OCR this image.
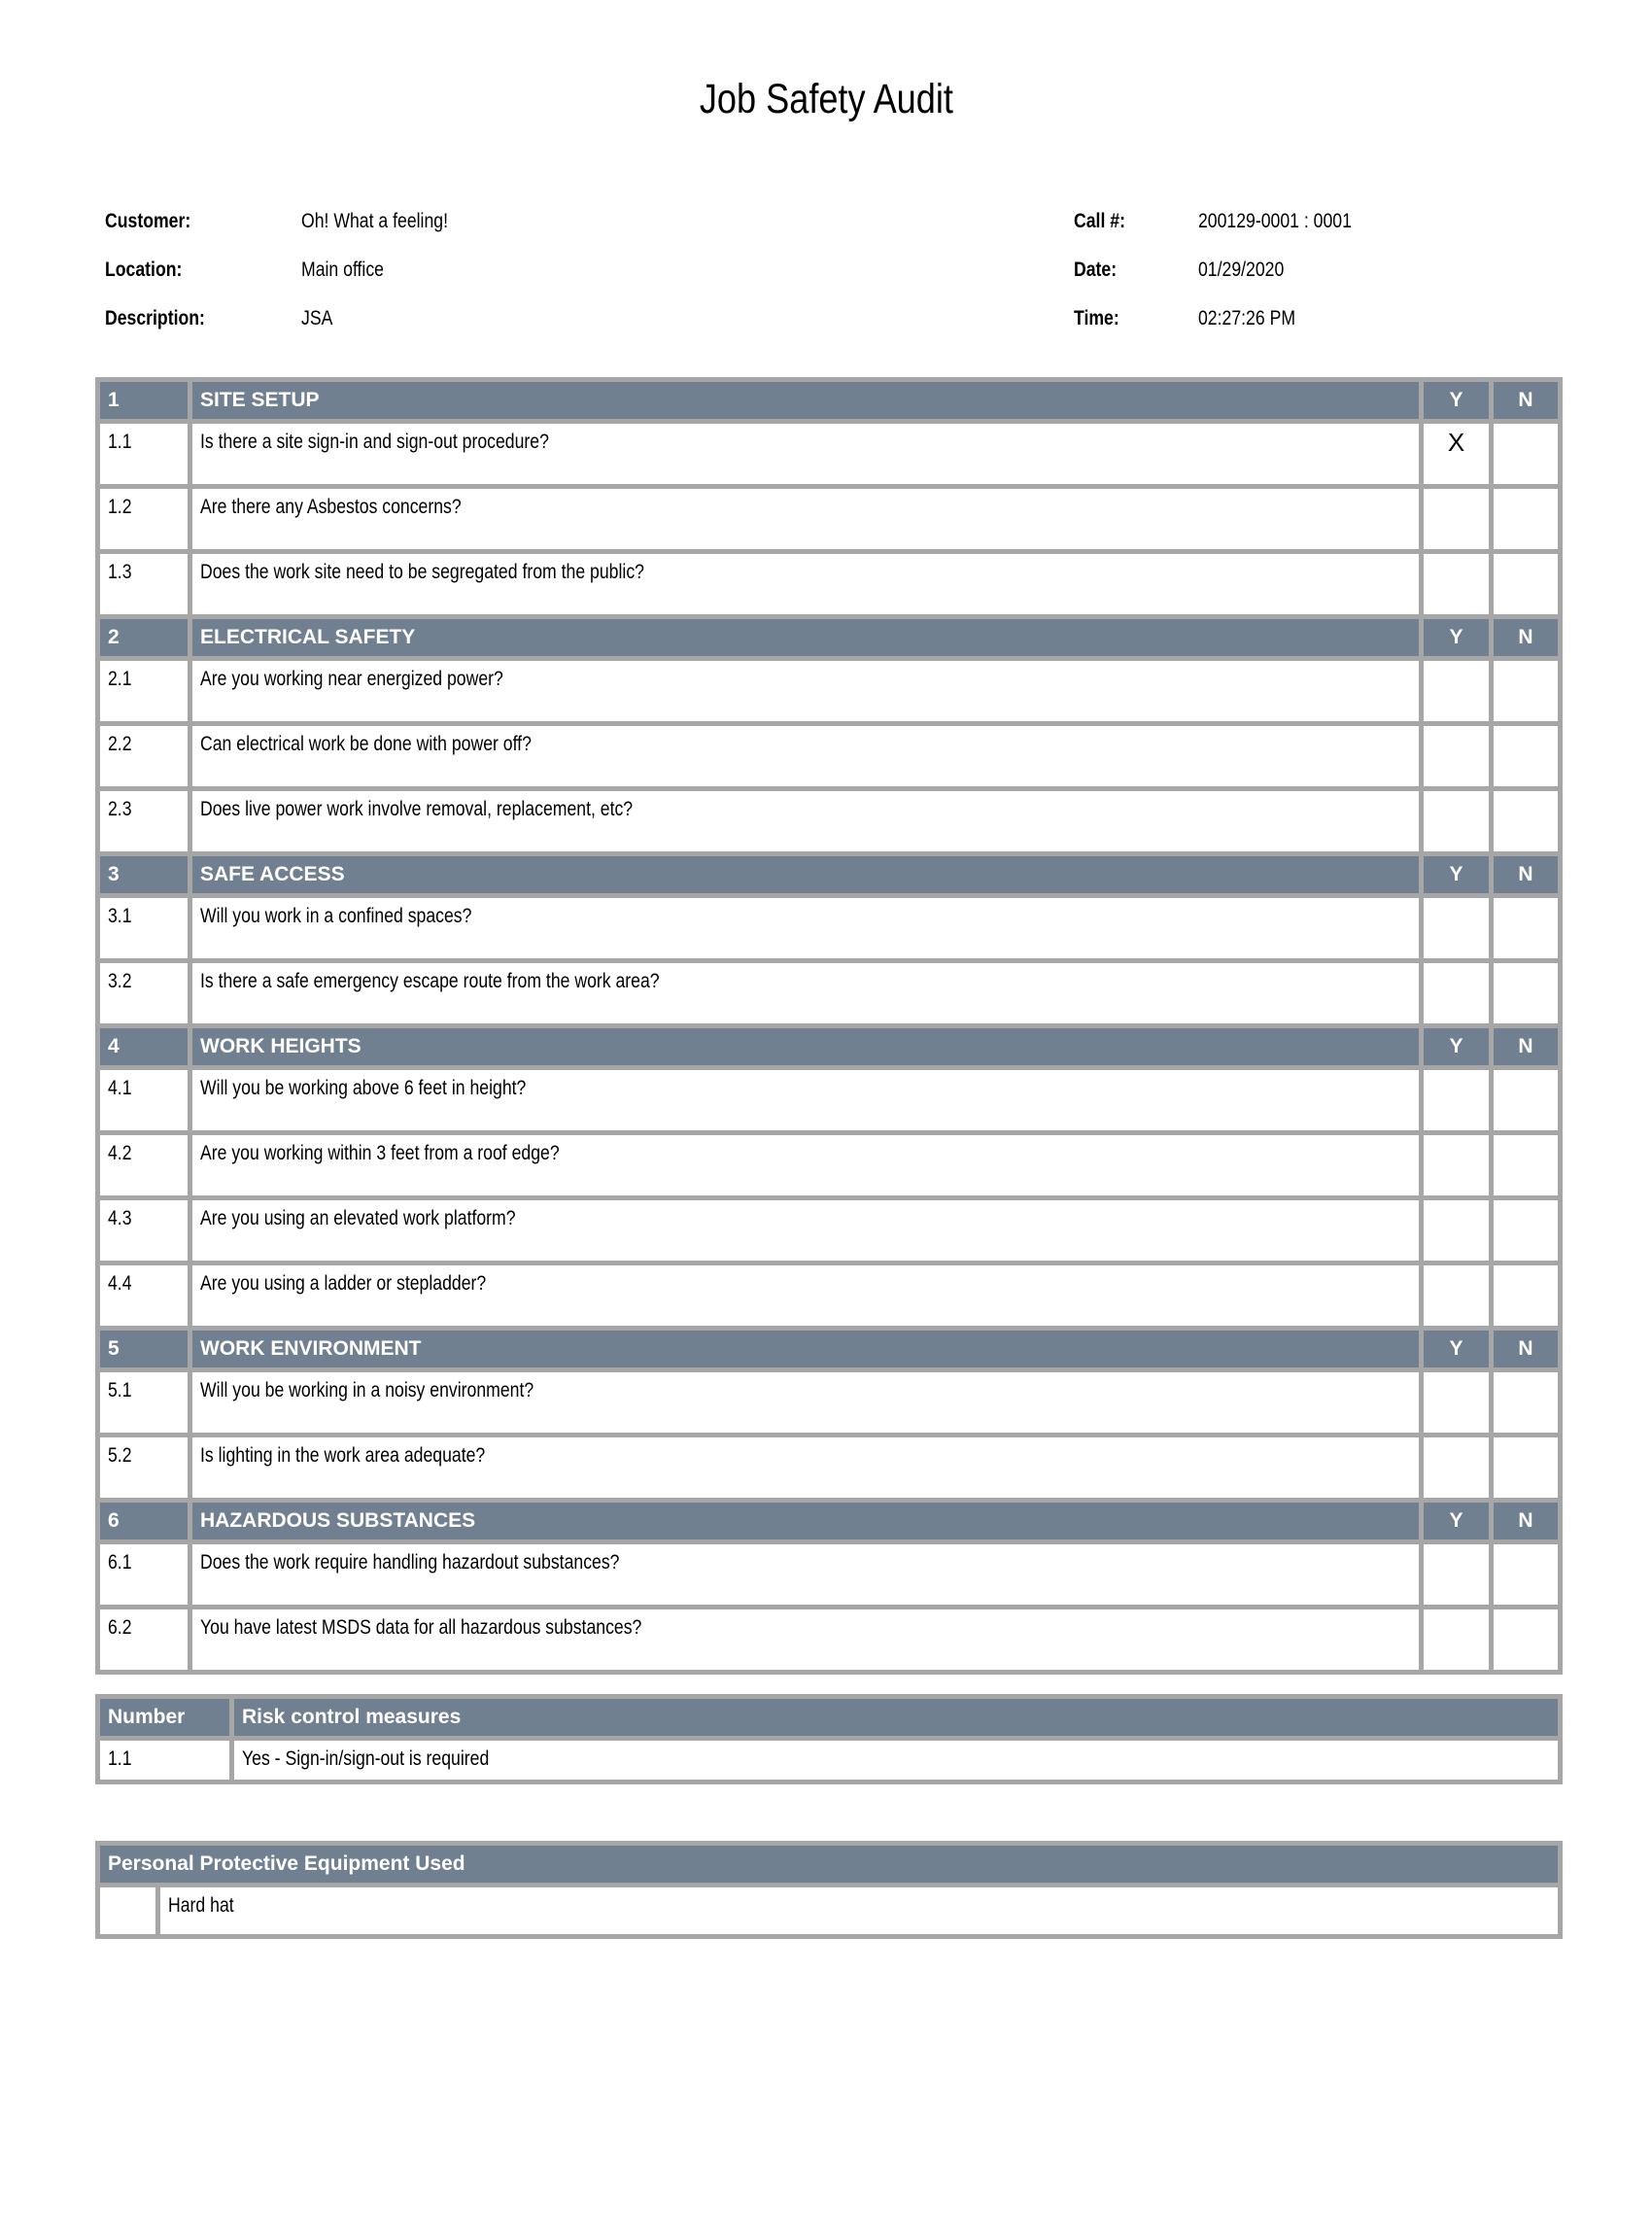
Job Safety Audit
Customer:	Oh! What a feeling!
Location:	Main office
Description:	JSA
Call #:	200129-0001 : 0001
Date:	01/29/2020
Time:	02:27:26 PM
1	SITE SETUP	Y	N
1.1	Is there a site sign-in and sign-out procedure?	X	
1.2	Are there any Asbestos concerns?		
1.3	Does the work site need to be segregated from the public?		
2	ELECTRICAL SAFETY	Y	N
2.1	Are you working near energized power?		
2.2	Can electrical work be done with power off?		
2.3	Does live power work involve removal, replacement, etc?		
3	SAFE ACCESS	Y	N
3.1	Will you work in a confined spaces?		
3.2	Is there a safe emergency escape route from the work area?		
4	WORK HEIGHTS	Y	N
4.1	Will you be working above 6 feet in height?		
4.2	Are you working within 3 feet from a roof edge?		
4.3	Are you using an elevated work platform?		
4.4	Are you using a ladder or stepladder?		
5	WORK ENVIRONMENT	Y	N
5.1	Will you be working in a noisy environment?		
5.2	Is lighting in the work area adequate?		
6	HAZARDOUS SUBSTANCES	Y	N
6.1	Does the work require handling hazardout substances?		
6.2	You have latest MSDS data for all hazardous substances?		
Number	Risk control measures
1.1	Yes - Sign-in/sign-out is required
Personal Protective Equipment Used
	Hard hat
